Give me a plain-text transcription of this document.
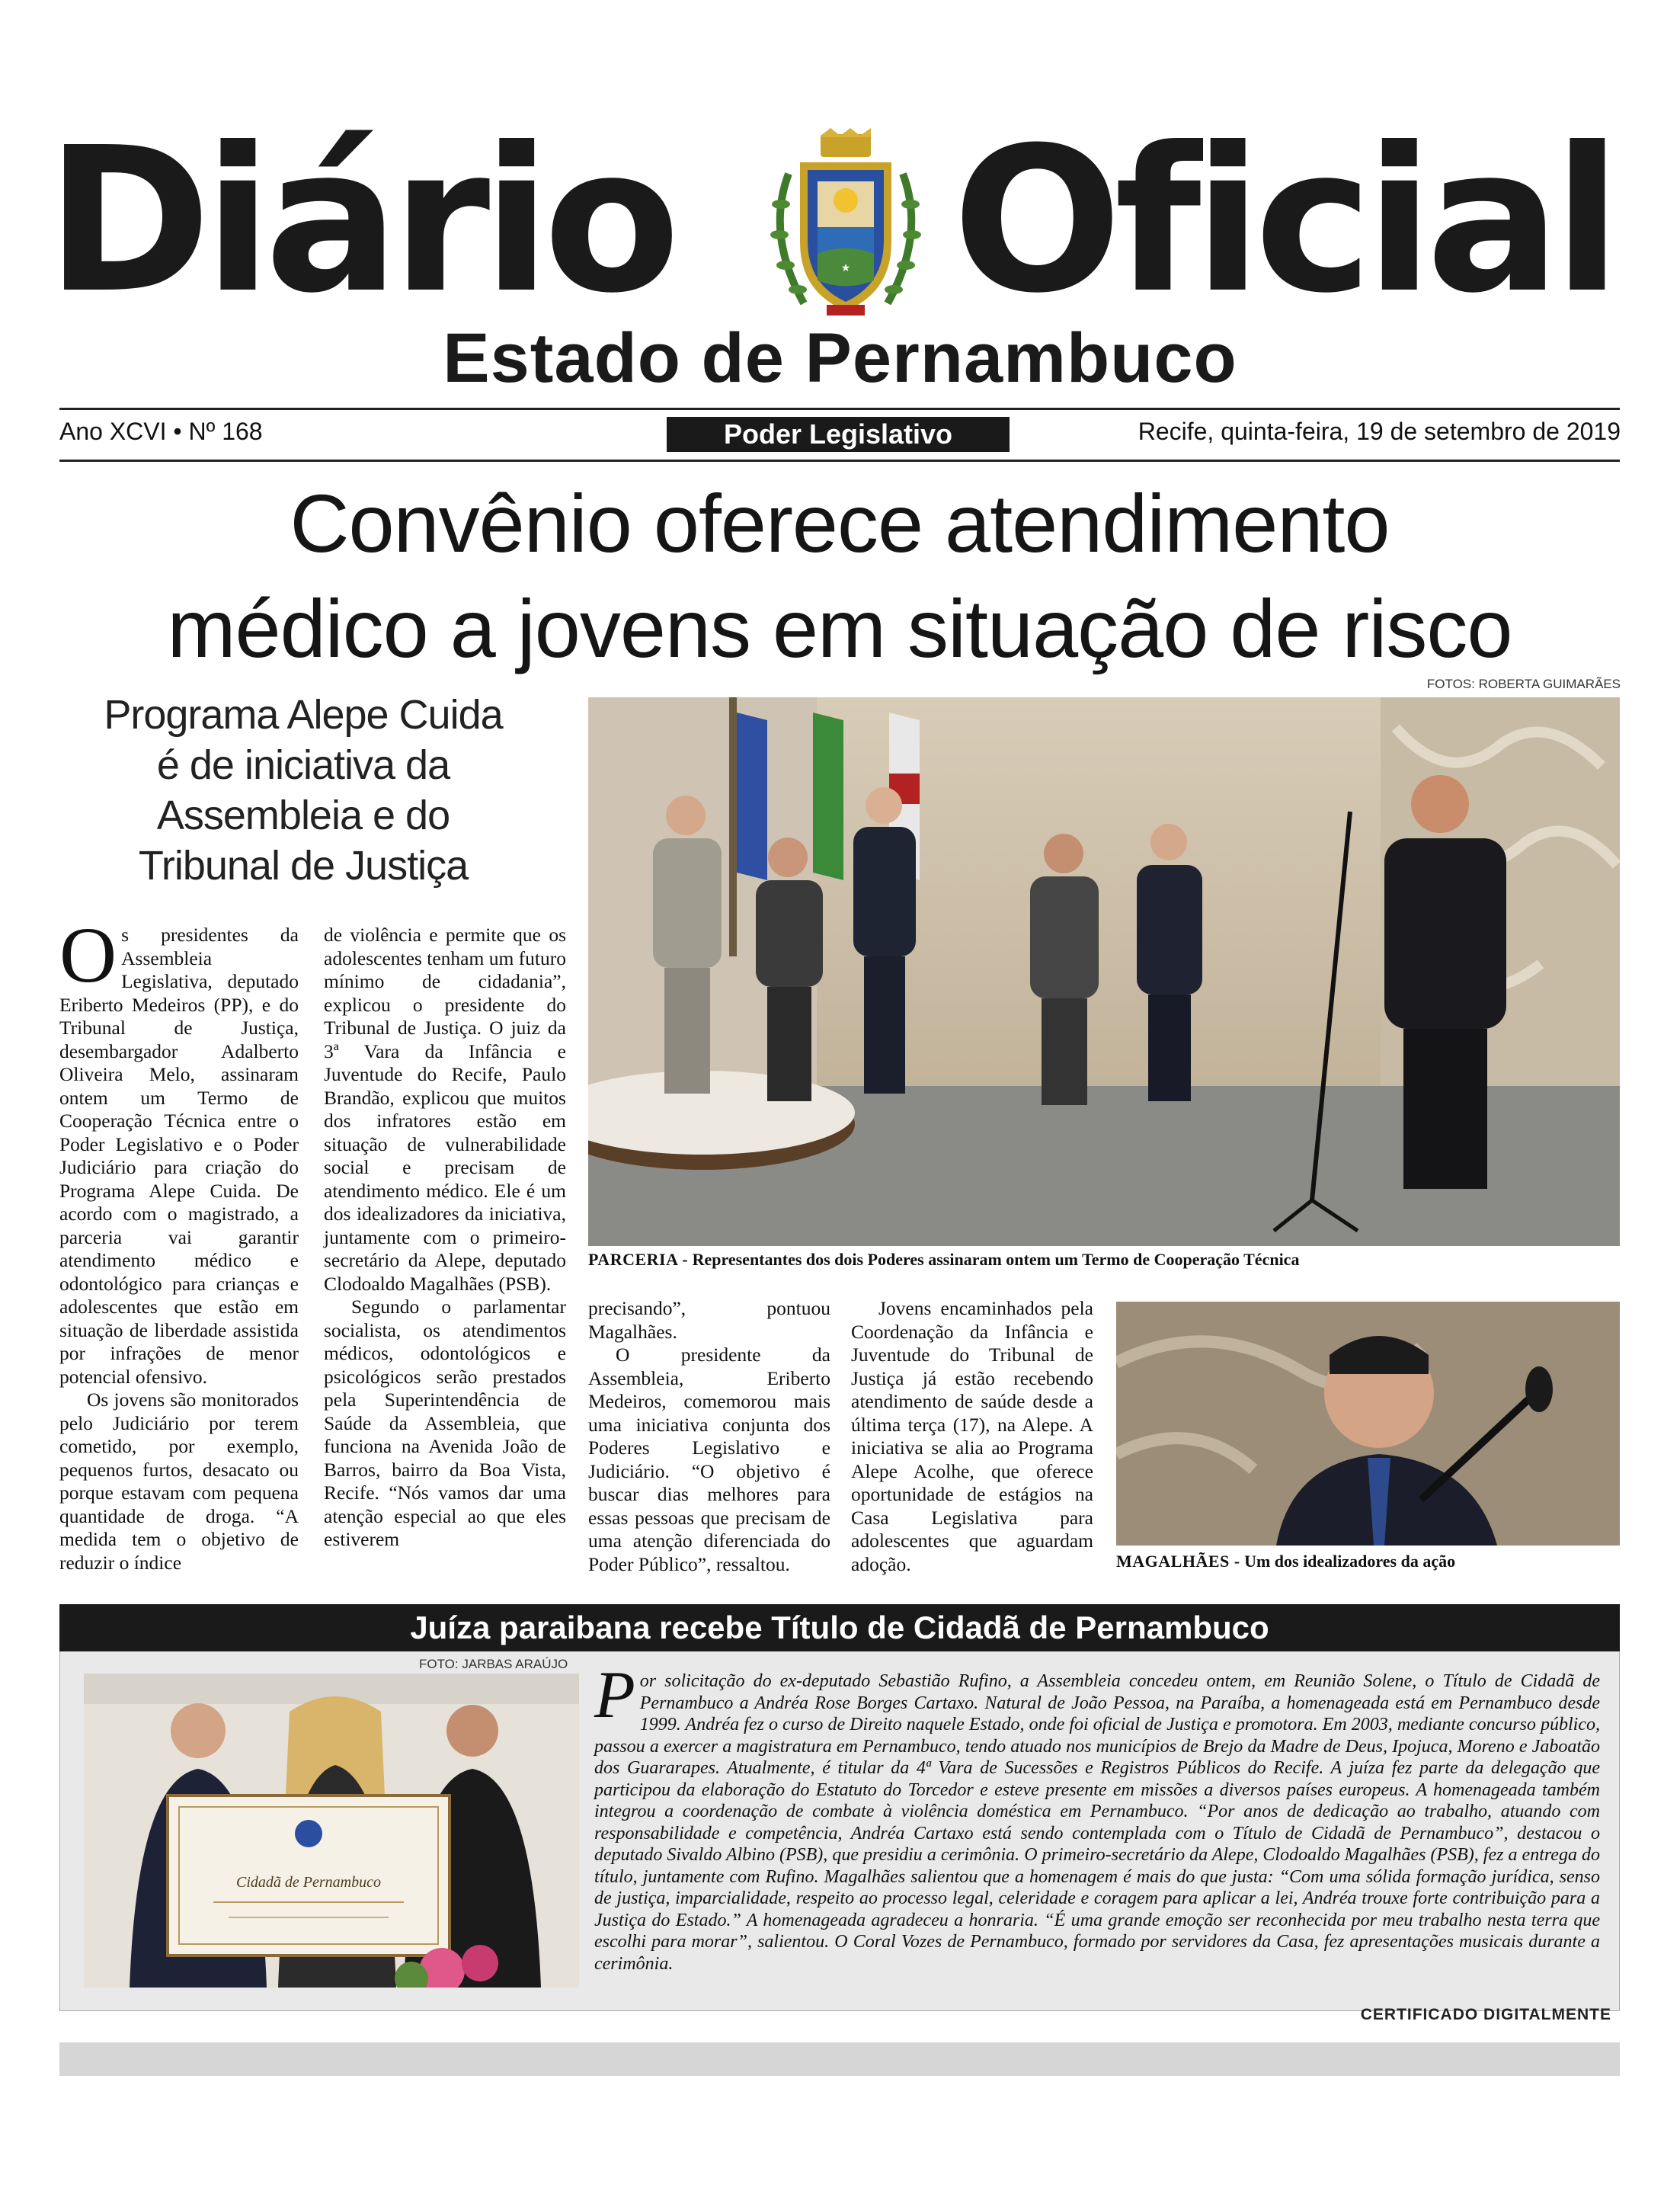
Diário	★ Oficial
Estado de Pernambuco
Ano XCVI • Nº 168	Poder Legislativo	Recife, quinta-feira, 19 de setembro de 2019
Convênio oferece atendimento
médico a jovens em situação de risco
FOTOS: ROBERTA GUIMARÃES
Programa Alepe Cuida
é de iniciativa da
Assembleia e do
Tribunal de Justiça
PARCERIA - Representantes dos dois Poderes assinaram ontem um Termo de Cooperação Técnica

Os presidentes da Assembleia Legislativa, deputado Eriberto Medeiros (PP), e do Tribunal de Justiça, desembargador Adalberto Oliveira Melo, assinaram ontem um Termo de Cooperação Técnica entre o Poder Legislativo e o Poder Judiciário para criação do Programa Alepe Cuida. De acordo com o magistrado, a parceria vai garantir atendimento médico e odontológico para crianças e adolescentes que estão em situação de liberdade assistida por infrações de menor potencial ofensivo.

Os jovens são monitorados pelo Judiciário por terem cometido, por exemplo, pequenos furtos, desacato ou porque estavam com pequena quantidade de droga. “A medida tem o objetivo de reduzir o índice

de violência e permite que os adolescentes tenham um futuro mínimo de cidadania”, explicou o presidente do Tribunal de Justiça. O juiz da 3ª Vara da Infância e Juventude do Recife, Paulo Brandão, explicou que muitos dos infratores estão em situação de vulnerabilidade social e precisam de atendimento médico. Ele é um dos idealizadores da iniciativa, juntamente com o primeiro-secretário da Alepe, deputado Clodoaldo Magalhães (PSB).

Segundo o parlamentar socialista, os atendimentos médicos, odontológicos e psicológicos serão prestados pela Superintendência de Saúde da Assembleia, que funciona na Avenida João de Barros, bairro da Boa Vista, Recife. “Nós vamos dar uma atenção especial ao que eles estiverem

precisando”, pontuou Magalhães.

O presidente da Assembleia, Eriberto Medeiros, comemorou mais uma iniciativa conjunta dos Poderes Legislativo e Judiciário. “O objetivo é buscar dias melhores para essas pessoas que precisam de uma atenção diferenciada do Poder Público”, ressaltou.

Jovens encaminhados pela Coordenação da Infância e Juventude do Tribunal de Justiça já estão recebendo atendimento de saúde desde a última terça (17), na Alepe. A iniciativa se alia ao Programa Alepe Acolhe, que oferece oportunidade de estágios na Casa Legislativa para adolescentes que aguardam adoção.	MAGALHÃES - Um dos idealizadores da ação
Juíza paraibana recebe Título de Cidadã de Pernambuco
FOTO: JARBAS ARAÚJO
Cidadã de Pernambuco
Por solicitação do ex-deputado Sebastião Rufino, a Assembleia concedeu ontem, em Reunião Solene, o Título de Cidadã de Pernambuco a Andréa Rose Borges Cartaxo. Natural de João Pessoa, na Paraíba, a homenageada está em Pernambuco desde 1999. Andréa fez o curso de Direito naquele Estado, onde foi oficial de Justiça e promotora. Em 2003, mediante concurso público, passou a exercer a magistratura em Pernambuco, tendo atuado nos municípios de Brejo da Madre de Deus, Ipojuca, Moreno e Jaboatão dos Guararapes. Atualmente, é titular da 4ª Vara de Sucessões e Registros Públicos do Recife. A juíza fez parte da delegação que participou da elaboração do Estatuto do Torcedor e esteve presente em missões a diversos países europeus. A homenageada também integrou a coordenação de combate à violência doméstica em Pernambuco. “Por anos de dedicação ao trabalho, atuando com responsabilidade e competência, Andréa Cartaxo está sendo contemplada com o Título de Cidadã de Pernambuco”, destacou o deputado Sivaldo Albino (PSB), que presidiu a cerimônia. O primeiro-secretário da Alepe, Clodoaldo Magalhães (PSB), fez a entrega do título, juntamente com Rufino. Magalhães salientou que a homenagem é mais do que justa: “Com uma sólida formação jurídica, senso de justiça, imparcialidade, respeito ao processo legal, celeridade e coragem para aplicar a lei, Andréa trouxe forte contribuição para a Justiça do Estado.” A homenageada agradeceu a honraria. “É uma grande emoção ser reconhecida por meu trabalho nesta terra que escolhi para morar”, salientou. O Coral Vozes de Pernambuco, formado por servidores da Casa, fez apresentações musicais durante a cerimônia.
CERTIFICADO DIGITALMENTE
